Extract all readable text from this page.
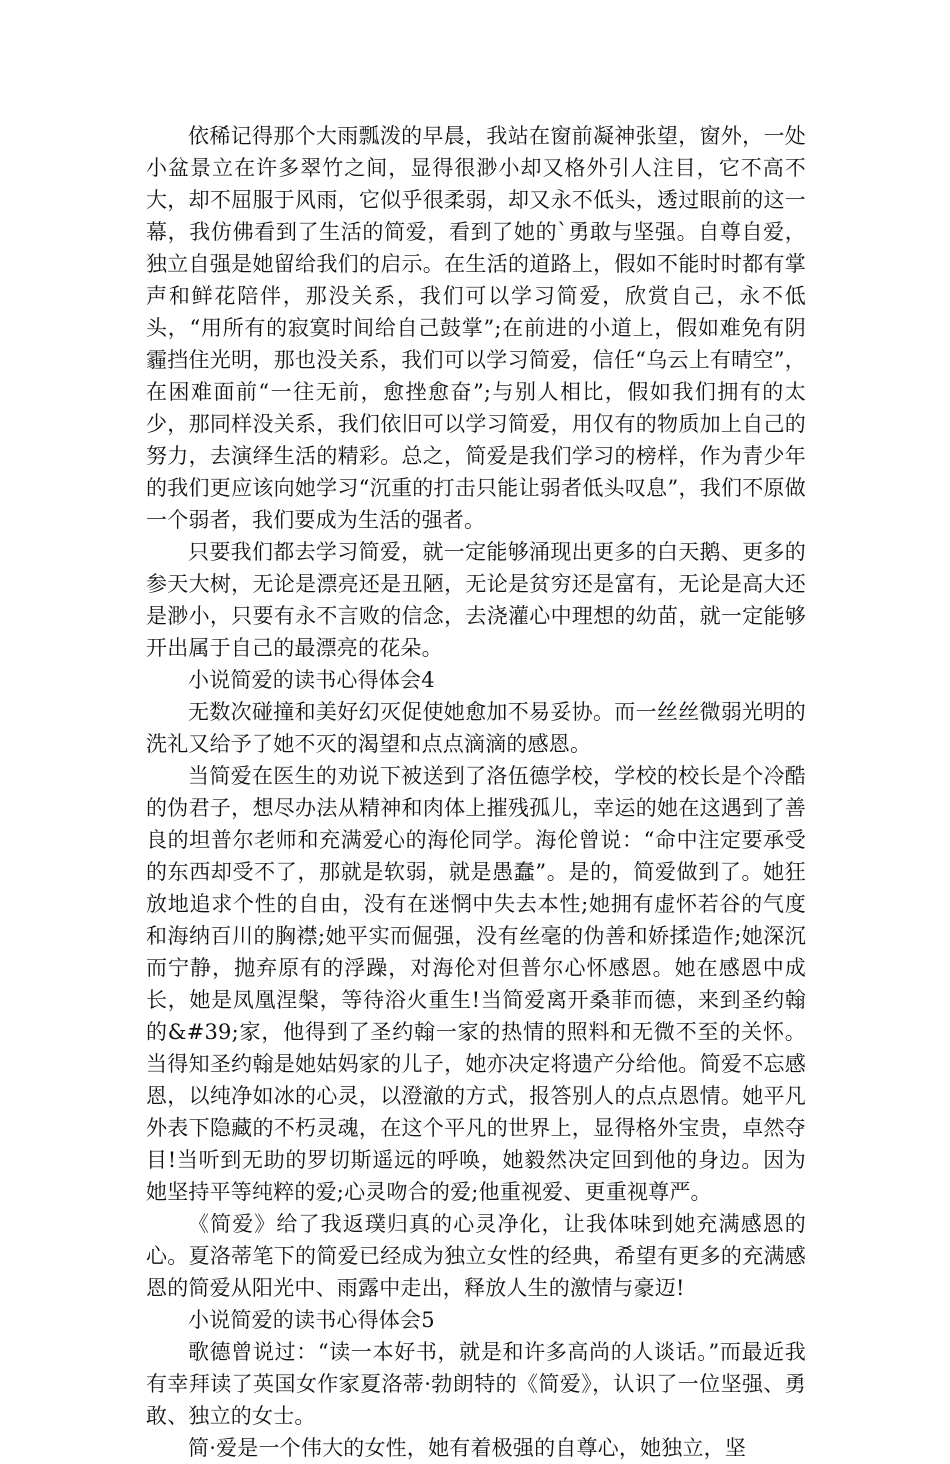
依稀记得那个大雨瓢泼的早晨，我站在窗前凝神张望，窗外，一处小盆景立在许多翠竹之间，显得很渺小却又格外引人注目，它不高不大，却不屈服于风雨，它似乎很柔弱，却又永不低头，透过眼前的这一幕，我仿佛看到了生活的简爱，看到了她的`勇敢与坚强。自尊自爱，独立自强是她留给我们的启示。在生活的道路上，假如不能时时都有掌声和鲜花陪伴，那没关系，我们可以学习简爱，欣赏自己，永不低头，“用所有的寂寞时间给自己鼓掌”;在前进的小道上，假如难免有阴霾挡住光明，那也没关系，我们可以学习简爱，信任“乌云上有晴空”，在困难面前“一往无前，愈挫愈奋”;与别人相比，假如我们拥有的太少，那同样没关系，我们依旧可以学习简爱，用仅有的物质加上自己的努力，去演绎生活的精彩。总之，简爱是我们学习的榜样，作为青少年的我们更应该向她学习“沉重的打击只能让弱者低头叹息”，我们不原做一个弱者，我们要成为生活的强者。

只要我们都去学习简爱，就一定能够涌现出更多的白天鹅、更多的参天大树，无论是漂亮还是丑陋，无论是贫穷还是富有，无论是高大还是渺小，只要有永不言败的信念，去浇灌心中理想的幼苗，就一定能够开出属于自己的最漂亮的花朵。

小说简爱的读书心得体会4

无数次碰撞和美好幻灭促使她愈加不易妥协。而一丝丝微弱光明的洗礼又给予了她不灭的渴望和点点滴滴的感恩。

当简爱在医生的劝说下被送到了洛伍德学校，学校的校长是个冷酷的伪君子，想尽办法从精神和肉体上摧残孤儿，幸运的她在这遇到了善良的坦普尔老师和充满爱心的海伦同学。海伦曾说：“命中注定要承受的东西却受不了，那就是软弱，就是愚蠢”。是的，简爱做到了。她狂放地追求个性的自由，没有在迷惘中失去本性;她拥有虚怀若谷的气度和海纳百川的胸襟;她平实而倔强，没有丝毫的伪善和娇揉造作;她深沉而宁静，抛弃原有的浮躁，对海伦对但普尔心怀感恩。她在感恩中成长，她是凤凰涅槃，等待浴火重生!当简爱离开桑菲而德，来到圣约翰的&#39;家，他得到了圣约翰一家的热情的照料和无微不至的关怀。当得知圣约翰是她姑妈家的儿子，她亦决定将遗产分给他。简爱不忘感恩，以纯净如冰的心灵，以澄澈的方式，报答别人的点点恩情。她平凡外表下隐藏的不朽灵魂，在这个平凡的世界上，显得格外宝贵，卓然夺目!当听到无助的罗切斯遥远的呼唤，她毅然决定回到他的身边。因为她坚持平等纯粹的爱;心灵吻合的爱;他重视爱、更重视尊严。

《简爱》给了我返璞归真的心灵净化，让我体味到她充满感恩的心。夏洛蒂笔下的简爱已经成为独立女性的经典，希望有更多的充满感恩的简爱从阳光中、雨露中走出，释放人生的激情与豪迈!

小说简爱的读书心得体会5

歌德曾说过：“读一本好书，就是和许多高尚的人谈话。”而最近我有幸拜读了英国女作家夏洛蒂·勃朗特的《简爱》，认识了一位坚强、勇敢、独立的女士。

简·爱是一个伟大的女性，她有着极强的自尊心，她独立，坚
